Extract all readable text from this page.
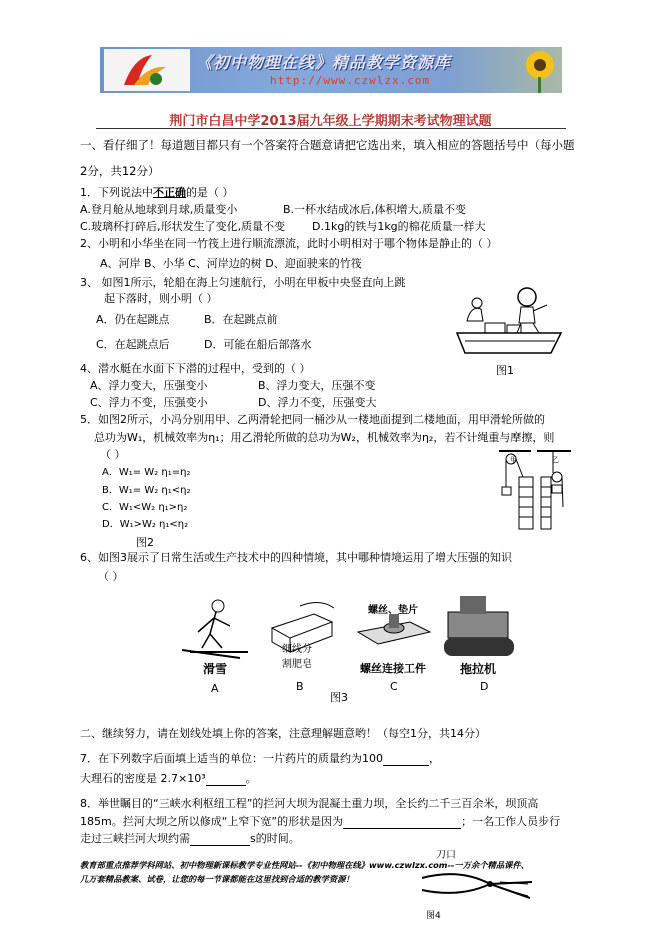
《初中物理在线》精品教学资源库
http://www.czwlzx.com
荆门市白昌中学2013届九年级上学期期末考试物理试题
一、看仔细了！每道题目都只有一个答案符合题意请把它选出来，填入相应的答题括号中（每小题
2分，共12分）
1．下列说法中不正确的是（ ）
A.登月舱从地球到月球,质量变小	B.一杯水结成冰后,体积增大,质量不变
C.玻璃杯打碎后,形状发生了变化,质量不变 D.1kg的铁与1kg的棉花质量一样大
2、小明和小华坐在同一竹筏上进行顺流漂流，此时小明相对于哪个物体是静止的（ ）
A、河岸 B、小华 C、河岸边的树 D、迎面驶来的竹筏
3、 如图1所示，轮船在海上匀速航行，小明在甲板中央竖直向上跳
起下落时，则小明（ ）
A．仍在起跳点	B．在起跳点前
C．在起跳点后	D．可能在船后部落水
图1
4、潜水艇在水面下下潜的过程中，受到的（ ）
A、浮力变大，压强变小	B、浮力变大，压强不变
C、浮力不变，压强变小	D、浮力不变，压强变大
5．如图2所示，小冯分别用甲、乙两滑轮把同一桶沙从一楼地面提到二楼地面，用甲滑轮所做的
总功为W₁，机械效率为η₁；用乙滑轮所做的总功为W₂，机械效率为η₂，若不计绳重与摩擦，则
（ ）
A．W₁= W₂ η₁=η₂
B．W₁= W₂ η₁<η₂
C．W₁<W₂ η₁>η₂
D．W₁>W₂ η₁<η₂
图2
甲	乙
6、如图3展示了日常生活或生产技术中的四种情境，其中哪种情境运用了增大压强的知识
（ ）
螺丝、垫片
细线分
割肥皂
滑雪	螺丝连接工件	拖拉机
A	B	C	D
图3
二、继续努力，请在划线处填上你的答案，注意理解题意哟！（每空1分，共14分）
7．在下列数字后面填上适当的单位：一片药片的质量约为100	，
大理石的密度是 2.7×10³	。
8．举世瞩目的“三峡水利枢纽工程”的拦河大坝为混凝土重力坝，全长约二千三百余米，坝顶高
185m。拦河大坝之所以修成“上窄下宽”的形状是因为	；一名工作人员步行
走过三峡拦河大坝约需	s的时间。
刀口
教育部重点推荐学科网站、初中物理新课标教学专业性网站--《初中物理在线》www.czwlzx.com--一万余个精品课件、
几万套精品教案、试卷，让您的每一节课都能在这里找到合适的教学资源！
图4
